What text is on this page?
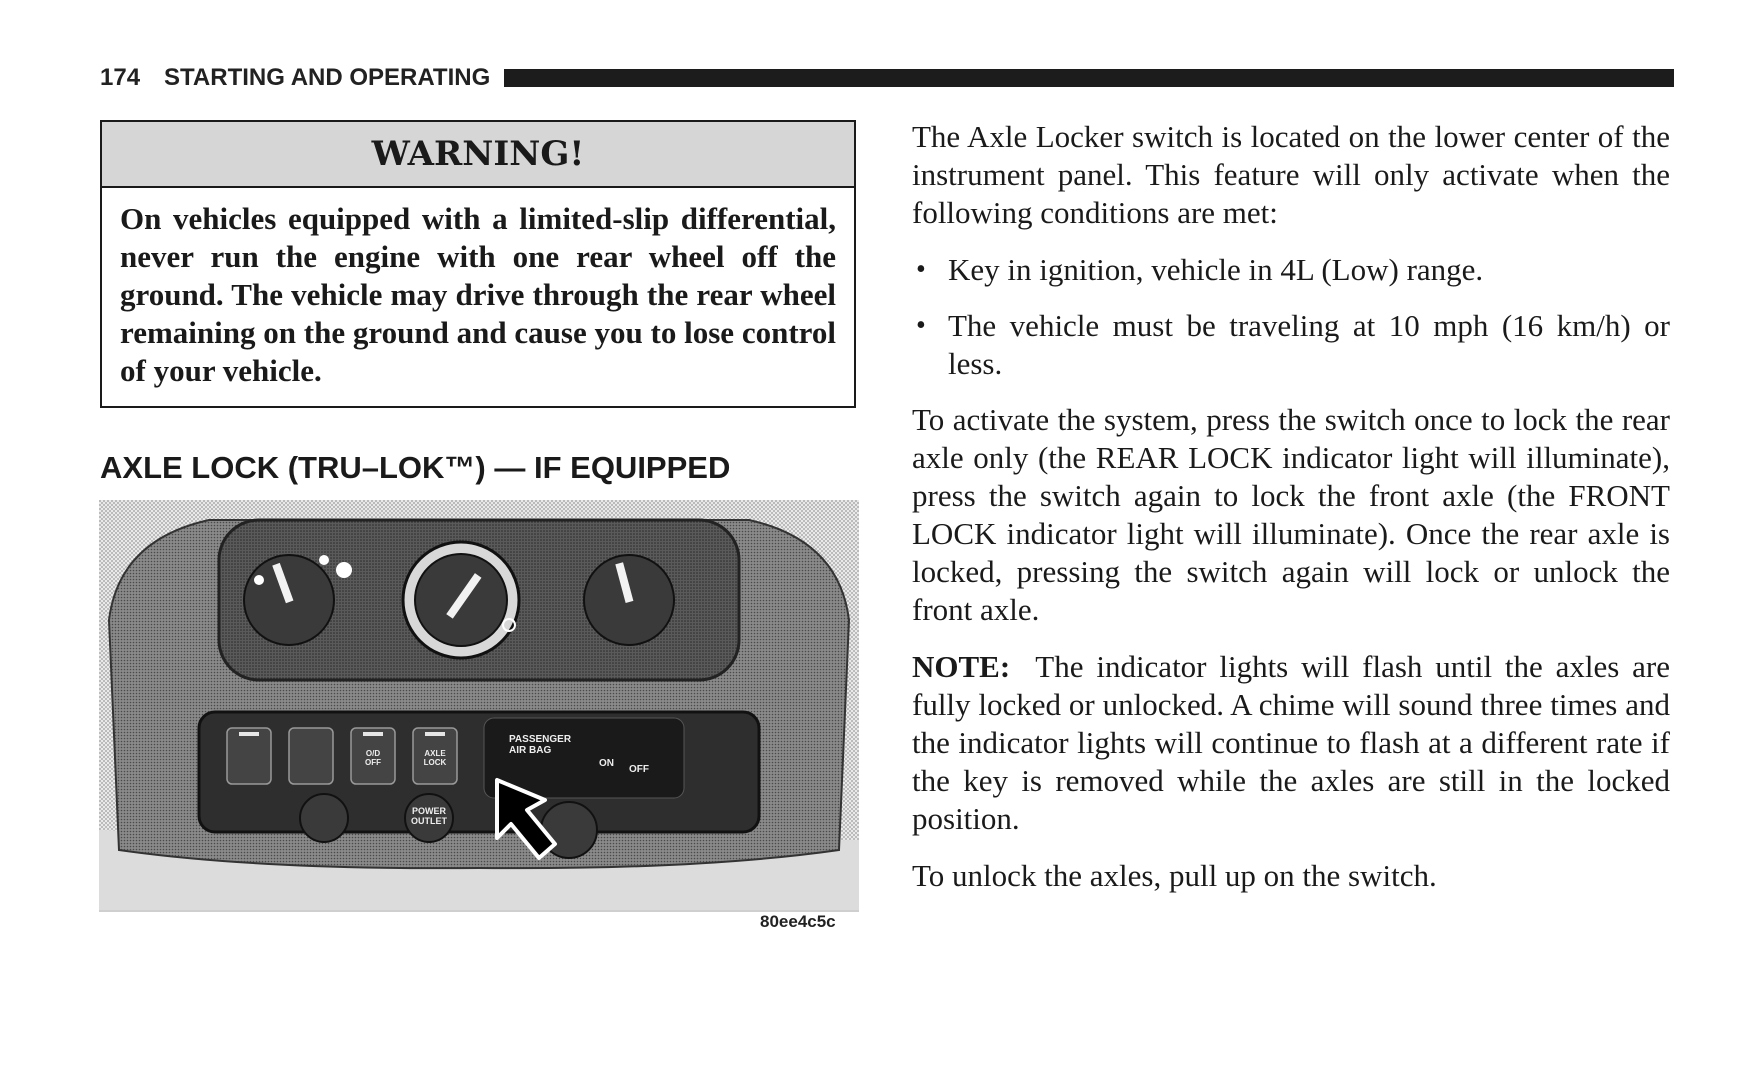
174 STARTING AND OPERATING
WARNING!
On vehicles equipped with a limited-slip differential, never run the engine with one rear wheel off the ground. The vehicle may drive through the rear wheel remaining on the ground and cause you to lose control of your vehicle.
AXLE LOCK (TRU–LOK™) — IF EQUIPPED
O/D
OFF
AXLE
LOCK
PASSENGER
AIR BAG
ON
OFF
POWER
OUTLET
80ee4c5c

The Axle Locker switch is located on the lower center of the instrument panel. This feature will only activate when the following conditions are met:

• Key in ignition, vehicle in 4L (Low) range.
• The vehicle must be traveling at 10 mph (16 km/h) or less.

To activate the system, press the switch once to lock the rear axle only (the REAR LOCK indicator light will illuminate), press the switch again to lock the front axle (the FRONT LOCK indicator light will illuminate). Once the rear axle is locked, pressing the switch again will lock or unlock the front axle.

NOTE: The indicator lights will flash until the axles are fully locked or unlocked. A chime will sound three times and the indicator lights will continue to flash at a different rate if the key is removed while the axles are still in the locked position.

To unlock the axles, pull up on the switch.
